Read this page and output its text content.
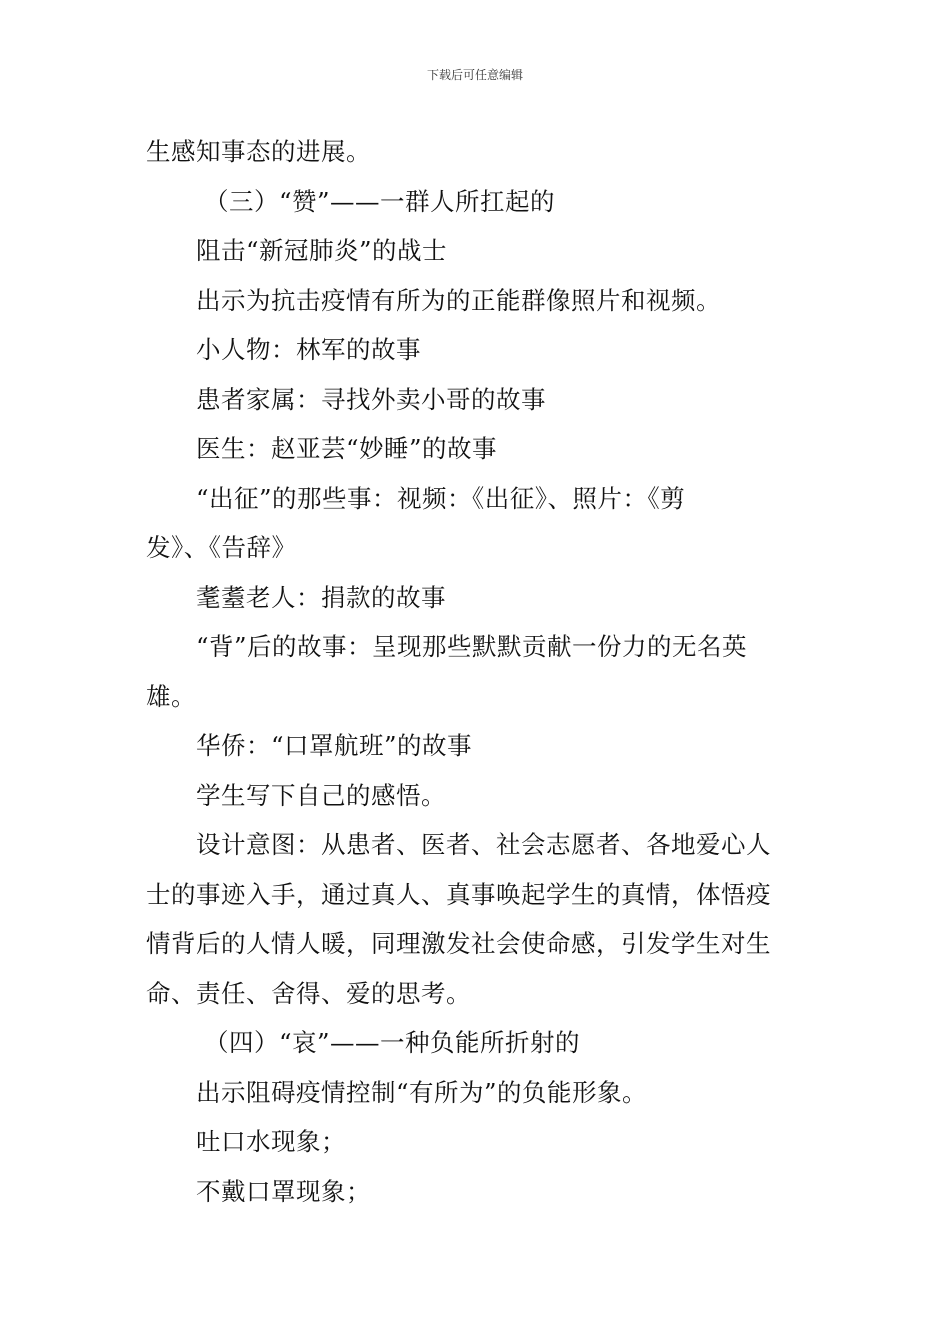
下载后可任意编辑

生感知事态的进展。

（三）“赞”——一群人所扛起的

阻击“新冠肺炎”的战士

出示为抗击疫情有所为的正能群像照片和视频。

小人物：林军的故事

患者家属：寻找外卖小哥的故事

医生：赵亚芸“妙睡”的故事

“出征”的那些事：视频：《出征》、照片：《剪

发》、《告辞》

耄耋老人：捐款的故事

“背”后的故事：呈现那些默默贡献一份力的无名英

雄。

华侨：“口罩航班”的故事

学生写下自己的感悟。

设计意图：从患者、医者、社会志愿者、各地爱心人

士的事迹入手，通过真人、真事唤起学生的真情，体悟疫

情背后的人情人暖，同理激发社会使命感，引发学生对生

命、责任、舍得、爱的思考。

（四）“哀”——一种负能所折射的

出示阻碍疫情控制“有所为”的负能形象。

吐口水现象；

不戴口罩现象；
